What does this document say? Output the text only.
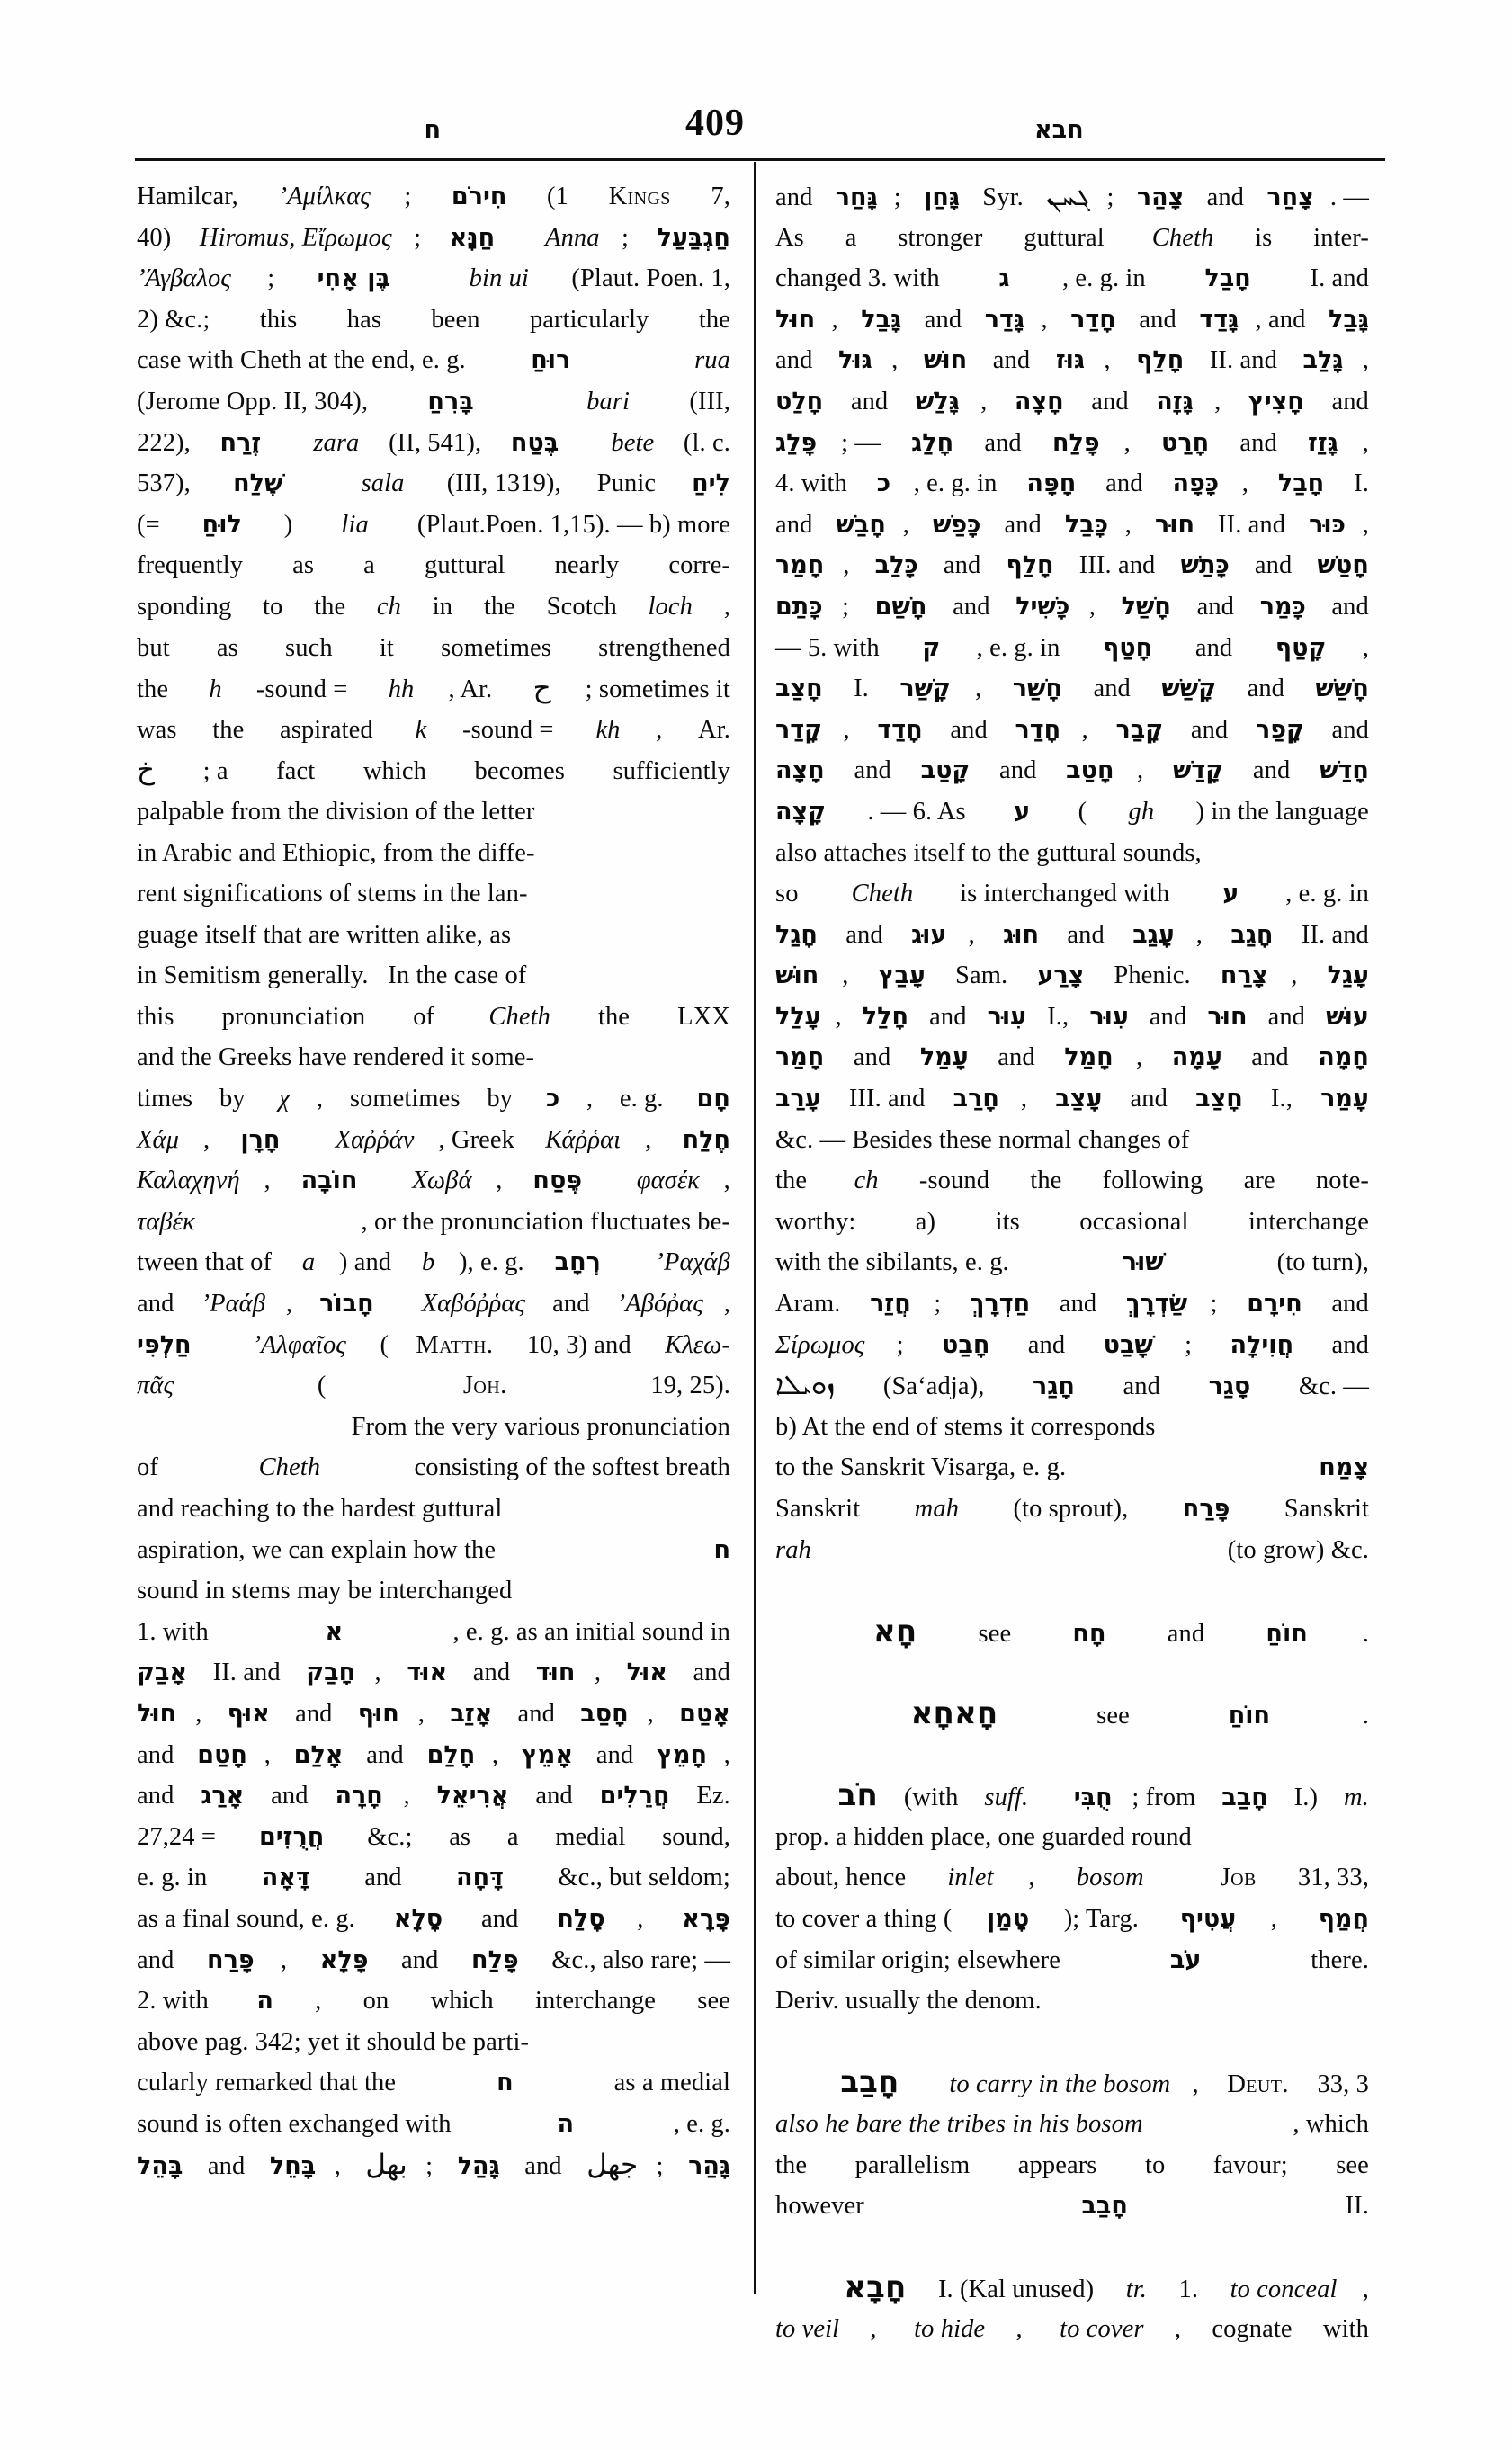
ח	409	חבא
Hamilcar, ’Αμίλκας ; חִירֹם (1 Kings 7,
40) Hiromus, Εἴρωμος ; חַנָּא
Anna ; חַגְבַּעַל
’Άγβαλος ; בֶּן אָחִי
	bin ui (Plaut. Poen. 1,
2) &c.; this has been particularly the
case with Cheth at the end, e. g. רוּחַ
	rua
(Jerome Opp. II, 304), בָּרִחַ
	bari (III,
222), זֶרַח
zara (II, 541), בֶּטַח
bete (l. c.
537), שֶׁלַח
	sala (III, 1319), Punic לִיחַ
(= לוּחַ ) lia (Plaut.Poen. 1,15). — b) more
frequently as a guttural nearly corre-
sponding to the ch in the Scotch loch ,
but as such it sometimes strengthened
the h -sound = hh , Ar. ح ; sometimes it
was the aspirated k -sound = kh , Ar.
خ ; a fact which becomes sufficiently
palpable from the division of the letter
in Arabic and Ethiopic, from the diffe-
rent significations of stems in the lan-
guage itself that are written alike, as
in Semitism generally.   In the case of
this pronunciation of Cheth the LXX
and the Greeks have rendered it some-
times by χ , sometimes by כ , e. g. חָם
Χάμ , חָרָן
Χαῤῥάν , Greek Κάῤῥαι , חֶלַח
Καλαχηνή , חוֹבָה
Χωβά , פֶּסַח
φασέκ ,
ταβέκ	, or the pronunciation fluctuates be-
tween that of a ) and b ), e. g. רְחָב
’Ραχάβ
and ’Ραάβ , חָבוֹר
Χαβόῤῥας and ’Αβόῤας ,
חַלְפִּי
’Αλφαῖος ( Matth. 10, 3) and Κλεω-
πᾶς	(	Joh.	19, 25).
From the very various pronunciation
of	Cheth	consisting of the softest breath
and reaching to the hardest guttural
aspiration, we can explain how the	ח
sound in stems may be interchanged
1. with	א	, e. g. as an initial sound in
אָבַק II. and חָבַק , אוּד and חוּד , אוּל and
חוּל , אוּף and חוּף , אָזַב and חָסַב , אָטַם
and חָטַם , אָלַם and חָלַם , אָמֵץ and חָמֵץ ,
and אָרַג and חָרָה , אֲרִיאֵל and חֲרֵלִים Ez.
27,24 = חֲרֻזִים &c.; as a medial sound,
e. g. in דָּאָה and דָּחָה &c., but seldom;
as a final sound, e. g. סָלָא and סָלַח , פָּרָא
and פָּרַח , פָּלָא and פָּלַח &c., also rare; —
2. with ה , on which interchange see
above pag. 342; yet it should be parti-
cularly remarked that the	ח	as a medial
sound is often exchanged with	ה	, e. g.
בָּהֵל and בָּחֵל , بهل ; גָּהַל and جهل ; גָּהַר
and גָּחַר ; גָּחַן Syr. ܓܚܢ ; צָהַר and צָחַר . —
As a stronger guttural Cheth is inter-
changed 3. with ג , e. g. in חָבַל I. and
חוּל , גָּבַל and גָּדַר , חָדַר and גָּדַד , and גָּבַל
and גּוּל , חוּשׁ and גּוּז , חָלַף II. and גָּלַב ,
חָלַט and גָּלַשׁ , חָצָה and גָּזָה , חָצִיץ and
פָּלַג ; — חָלַג and פָּלַח , חָרַט and גָּזַז ,
4. with כ , e. g. in חָפָּה and כָּפָה , חָבַל I.
and חָבַשׁ , כָּפַשׁ and כָּבַל , חוּר II. and כּוּר ,
חָמַר , כָּלַב and חָלַף III. and כָּתַשׁ and חָטַשׁ
כָּתַם ; חָשַׁם and כָּשִׁיל , חָשַׁל and כָּמַר and
— 5. with ק , e. g. in חָטַף and קָטַף ,
חָצַב I. קָשַׁר , חָשַׁר and קָשַׁשׁ and חָשַׁשׁ
קָדַר , חָדַד and חָדַר , קָבַר and קָפַר and
חָצָה and קָטַב and חָטַב , קָדַשׁ and חָדַשׁ
קָצָה . — 6. As ע ( gh ) in the language
also attaches itself to the guttural sounds,
so Cheth is interchanged with ע , e. g. in
חָגַל and עוּג , חוּג and עָגַב , חָגַב II. and
חוּשׁ , עָבַץ Sam. צָרַע Phenic. צָרַח , עָגַל
עָלַל , חָלַל and עִוּר I., עִוּר and חוּר and עוּשׁ
חָמַר and עָמַל and חָמַל , עָמָה and חָמָה
עָרַב III. and חָרַב , עָצַב and חָצַב I., עָמַר
&c. — Besides these normal changes of
the ch -sound the following are note-
worthy: a) its occasional interchange
with the sibilants, e. g.	שׁוּר	(to turn),
Aram. חֲזַר ; חַדְרָךְ and שַׂדְרָךְ ; חִירָם and
Σίρωμος ; חָבַט and שָׁבַט ; חֲוִילָה and
ܙܘܝܠܐ (Sa‘adja), חָגַר and סָגַר &c. —
b) At the end of stems it corresponds
to the Sanskrit Visarga, e. g.	צָמַח
Sanskrit mah (to sprout), פָּרַח Sanskrit
rah	(to grow) &c.

חָא see חָח and חוֹחַ .

חָאחָא	see	חוֹחַ	.

חֹב (with suff.
חֻבִּי ; from חָבַב I.) m.
prop. a hidden place, one guarded round
about, hence inlet , bosom
	Job 31, 33,
to cover a thing ( טָמַן ); Targ. עֲטִיף , חֲמַף
of similar origin; elsewhere	עֹב	there.
Deriv. usually the denom.

חָבַב
to carry in the bosom , Deut. 33, 3
also he bare the tribes in his bosom	, which
the parallelism appears to favour; see
however	חָבַב	II.

חָבָא I. (Kal unused) tr. 1. to conceal ,
to veil , to hide , to cover , cognate with
